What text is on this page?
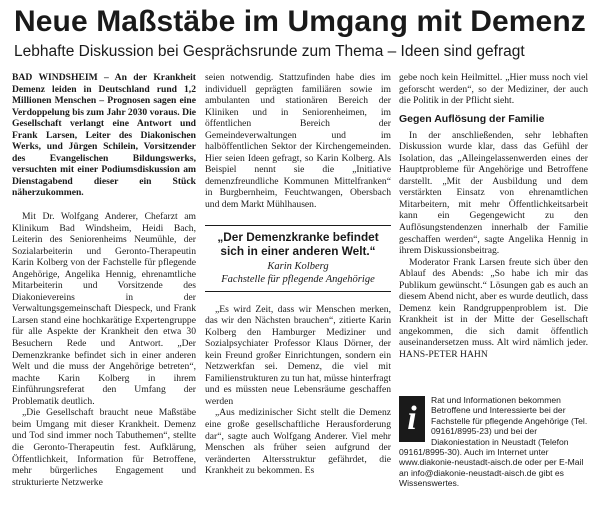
Neue Maßstäbe im Umgang mit Demenz
Lebhafte Diskussion bei Gesprächsrunde zum Thema – Ideen sind gefragt

BAD WINDSHEIM – An der Krankheit Demenz leiden in Deutschland rund 1,2 Millionen Menschen – Prognosen sagen eine Verdoppelung bis zum Jahr 2030 voraus. Die Gesellschaft verlangt eine Antwort und Frank Larsen, Leiter des Diakonischen Werks, und Jürgen Schilein, Vorsitzender des Evangelischen Bildungswerks, versuchten mit einer Podiumsdiskussion am Dienstagabend dieser ein Stück näherzukommen.

Mit Dr. Wolfgang Anderer, Chefarzt am Klinikum Bad Windsheim, Heidi Bach, Leiterin des Seniorenheims Neumühle, der Sozialarbeiterin und Geronto-Therapeutin Karin Kolberg von der Fachstelle für pflegende Angehörige, Angelika Hennig, ehrenamtliche Mitarbeiterin und Vorsitzende des Diakonievereins in der Verwaltungsgemeinschaft Diespeck, und Frank Larsen stand eine hochkarätige Expertengruppe für alle Aspekte der Krankheit den etwa 30 Besuchern Rede und Antwort. „Der Demenzkranke befindet sich in einer anderen Welt und die muss der Angehörige betreten“, machte Karin Kolberg in ihrem Einführungsreferat den Umfang der Problematik deutlich.

„Die Gesellschaft braucht neue Maßstäbe beim Umgang mit dieser Krankheit. Demenz und Tod sind immer noch Tabuthemen“, stellte die Geronto-Therapeutin fest. Aufklärung, Öffentlichkeit, Information für Betroffene, mehr bürgerliches Engagement und strukturierte Netzwerke

seien notwendig. Stattzufinden habe dies im individuell geprägten familiären sowie im ambulanten und stationären Bereich der Kliniken und in Seniorenheimen, im öffentlichen Bereich der Gemeindeverwaltungen und im halböffentlichen Sektor der Kirchengemeinden. Hier seien Ideen gefragt, so Karin Kolberg. Als Beispiel nennt sie die „Initiative demenzfreundliche Kommunen Mittelfranken“ in Burgbernheim, Feuchtwangen, Obersbach und dem Markt Mühlhausen.

„Der Demenzkranke befindet sich in einer anderen Welt.“
Karin Kolberg
Fachstelle für pflegende Angehörige

„Es wird Zeit, dass wir Menschen merken, das wir den Nächsten brauchen“, zitierte Karin Kolberg den Hamburger Mediziner und Sozialpsychiater Professor Klaus Dörner, der kein Freund großer Einrichtungen, sondern ein Netzwerkfan sei. Demenz, die viel mit Familienstrukturen zu tun hat, müsse hinterfragt und es müssten neue Lebensräume geschaffen werden

„Aus medizinischer Sicht stellt die Demenz eine große gesellschaftliche Herausforderung dar“, sagte auch Wolfgang Anderer. Viel mehr Menschen als früher seien aufgrund der veränderten Altersstruktur gefährdet, die Krankheit zu bekommen. Es

gebe noch kein Heilmittel. „Hier muss noch viel geforscht werden“, so der Mediziner, der auch die Politik in der Pflicht sieht.

Gegen Auflösung der Familie

In der anschließenden, sehr lebhaften Diskussion wurde klar, dass das Gefühl der Isolation, das „Alleingelassenwerden eines der Hauptprobleme für Angehörige und Betroffene darstellt. „Mit der Ausbildung und dem verstärkten Einsatz von ehrenamtlichen Mitarbeitern, mit mehr Öffentlichkeitsarbeit kann ein Gegengewicht zu den Auflösungstendenzen innerhalb der Familie geschaffen werden“, sagte Angelika Hennig in ihrem Diskussionsbeitrag.

Moderator Frank Larsen freute sich über den Ablauf des Abends: „So habe ich mir das Publikum gewünscht.“ Lösungen gab es auch an diesem Abend nicht, aber es wurde deutlich, dass Demenz kein Randgruppenproblem ist. Die Krankheit ist in der Mitte der Gesellschaft angekommen, die sich damit öffentlich auseinandersetzen muss. Alt wird nämlich jeder. HANS-PETER HAHN

i	Rat und Informationen bekommen Betroffene und Interessierte bei der Fachstelle für pflegende Angehörige (Tel. 09161/8995-23) und bei der Diakoniestation in Neustadt (Telefon 09161/8995-30). Auch im Internet unter www.diakonie-neustadt-aisch.de oder per E-Mail an info@diakonie-neustadt-aisch.de gibt es Wissenswertes.
